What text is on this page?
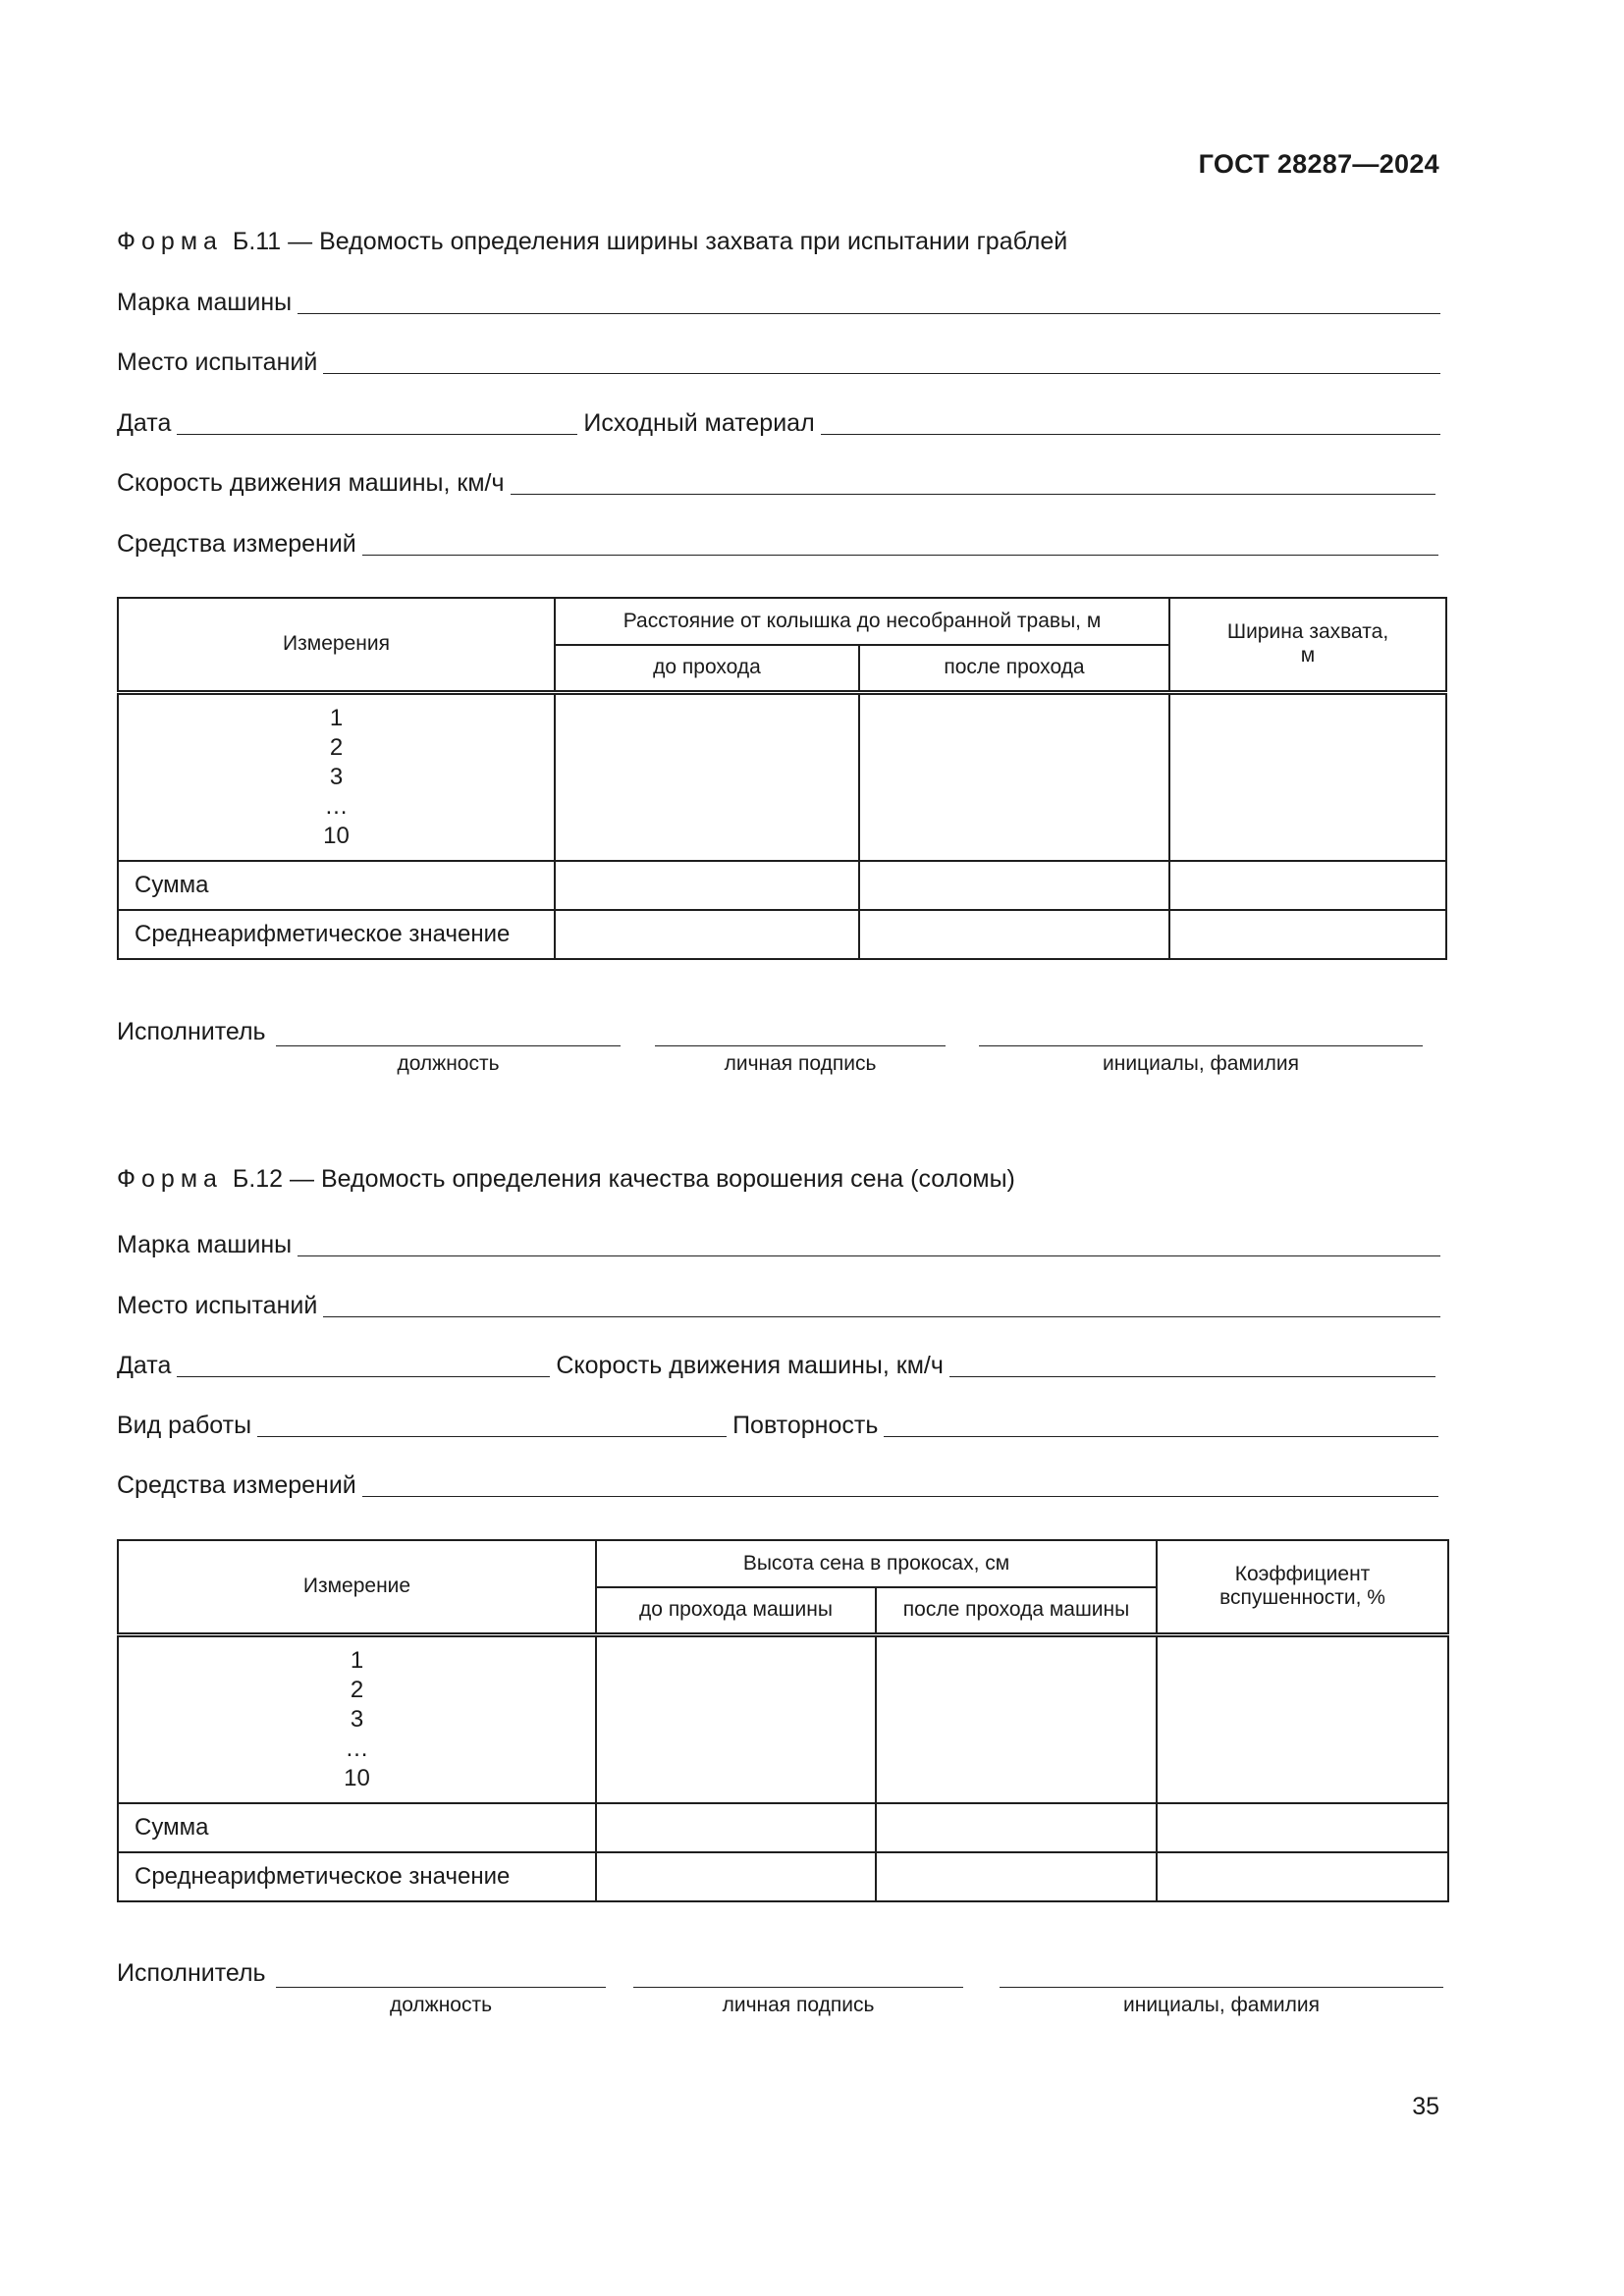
ГОСТ 28287—2024
Форма Б.11 — Ведомость определения ширины захвата при испытании граблей
Марка машины
Место испытаний
Дата	Исходный материал
Скорость движения машины, км/ч
Средства измерений
Измерения	Расстояние от колышка до несобранной травы, м		Ширина захвата,
м

	до прохода	после прохода	

1
2
3
…
10			

Сумма			
Среднеарифметическое значение			
Исполнитель
должность	личная подпись	инициалы, фамилия
Форма Б.12 — Ведомость определения качества ворошения сена (соломы)
Марка машины
Место испытаний
Дата	Скорость движения машины, км/ч
Вид работы	Повторность
Средства измерений
Измерение	Высота сена в прокосах, см		Коэффициент
вспушенности, %

	до прохода машины	после прохода машины	

1
2
3
…
10			

Сумма			
Среднеарифметическое значение			
Исполнитель
должность	личная подпись	инициалы, фамилия
35
